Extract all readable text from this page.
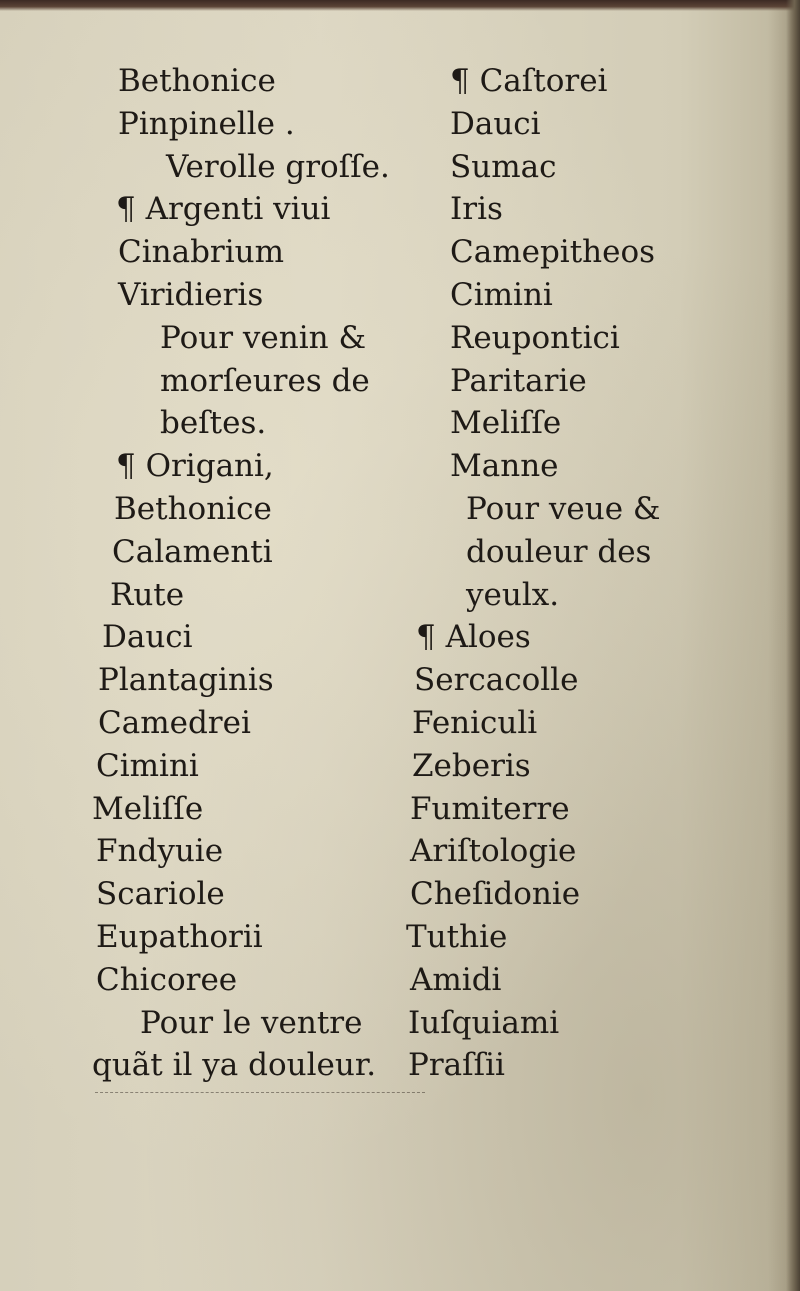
Bethonice
Pinpinelle .
Verolle groſſe.
¶ Argenti viui
Cinabrium
Viridieris
Pour venin &
morſeures de
beſtes.
¶ Origani,
Bethonice
Calamenti
Rute
Dauci
Plantaginis
Camedrei
Cimini
Meliſſe
Fndyuie
Scariole
Eupathorii
Chicoree
Pour le ventre
quãt il ya douleur.
¶ Caſtorei
Dauci
Sumac
Iris
Camepitheos
Cimini
Reupontici
Paritarie
Meliſſe
Manne
Pour veue &
douleur des
yeulx.
¶ Aloes
Sercacolle
Feniculi
Zeberis
Fumiterre
Ariſtologie
Cheſidonie
Tuthie
Amidi
Iuſquiami
Praſſii
